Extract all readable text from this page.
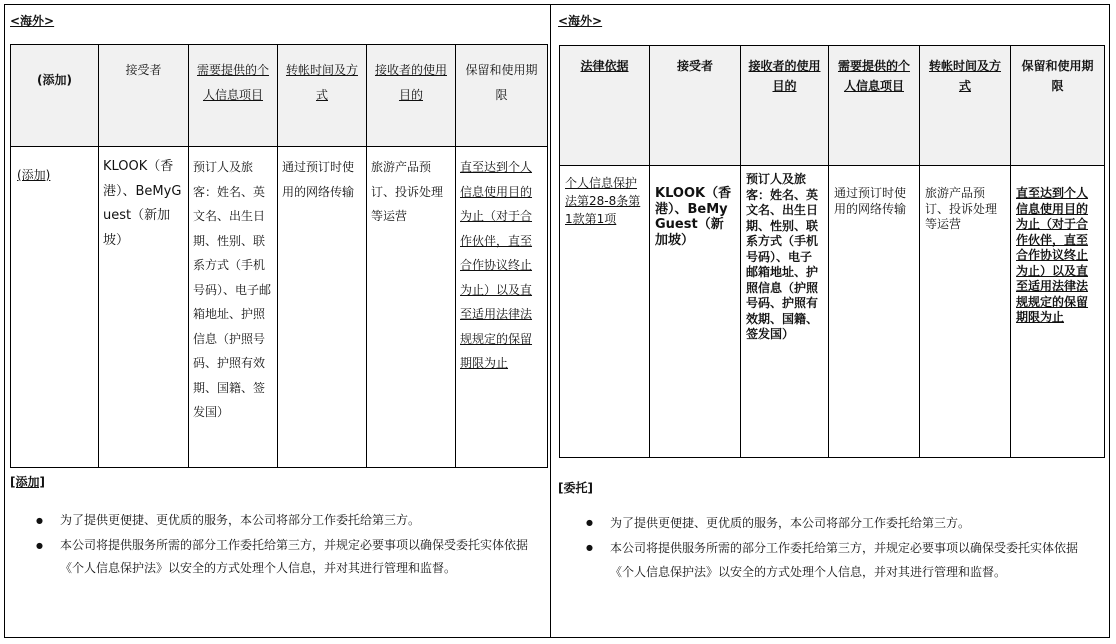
<海外>
(添加)	接受者	需要提供的个人信息项目	转帐时间及方式	接收者的使用目的	保留和使用期限

(添加)	KLOOK（香港）、BeMyGuest（新加坡）	预订人及旅客：姓名、英文名、出生日期、性别、联系方式（手机号码）、电子邮箱地址、护照信息（护照号码、护照有效期、国籍、签发国）	通过预订时使用的网络传输	旅游产品预订、投诉处理等运营	直至达到个人信息使用目的为止（对于合作伙伴，直至合作协议终止为止）以及直至适用法律法规规定的保留期限为止
[添加]
● 为了提供更便捷、更优质的服务，本公司将部分工作委托给第三方。
● 本公司将提供服务所需的部分工作委托给第三方，并规定必要事项以确保受委托实体依据《个人信息保护法》以安全的方式处理个人信息，并对其进行管理和监督。
<海外>
法律依据	接受者	接收者的使用目的	需要提供的个人信息项目	转帐时间及方式	保留和使用期限

个人信息保护法第28-8条第1款第1项	KLOOK（香港）、BeMyGuest（新加坡）	预订人及旅客：姓名、英文名、出生日期、性别、联系方式（手机号码）、电子邮箱地址、护照信息（护照号码、护照有效期、国籍、签发国）	通过预订时使用的网络传输	旅游产品预订、投诉处理等运营	直至达到个人信息使用目的为止（对于合作伙伴，直至合作协议终止为止）以及直至适用法律法规规定的保留期限为止
[委托]
● 为了提供更便捷、更优质的服务，本公司将部分工作委托给第三方。
● 本公司将提供服务所需的部分工作委托给第三方，并规定必要事项以确保受委托实体依据《个人信息保护法》以安全的方式处理个人信息，并对其进行管理和监督。
